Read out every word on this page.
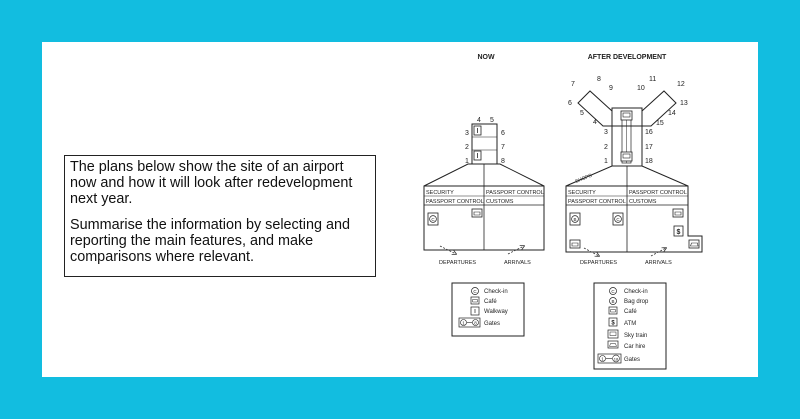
The plans below show the site of an airport now and how it will look after redevelopment next year.

Summarise the information by selecting and reporting the main features, and make comparisons where relevant.

NOW
1
2
3
4 5
6
7
8
SECURITY
PASSPORT CONTROL
PASSPORT CONTROL
CUSTOMS
C
DEPARTURES	ARRIVALS
C Check-in
Café
Walkway
1 8 Gates
AFTER DEVELOPMENT
1
2
3
4
5
6
7
8
9	10
11
12
13
14
15
16
17
18
SHOPS
SECURITY
PASSPORT CONTROL
PASSPORT CONTROL
CUSTOMS
B	C
$
DEPARTURES	ARRIVALS
C Check-in
B Bag drop
Café
$ ATM
Sky train
Car hire
1	18 Gates
